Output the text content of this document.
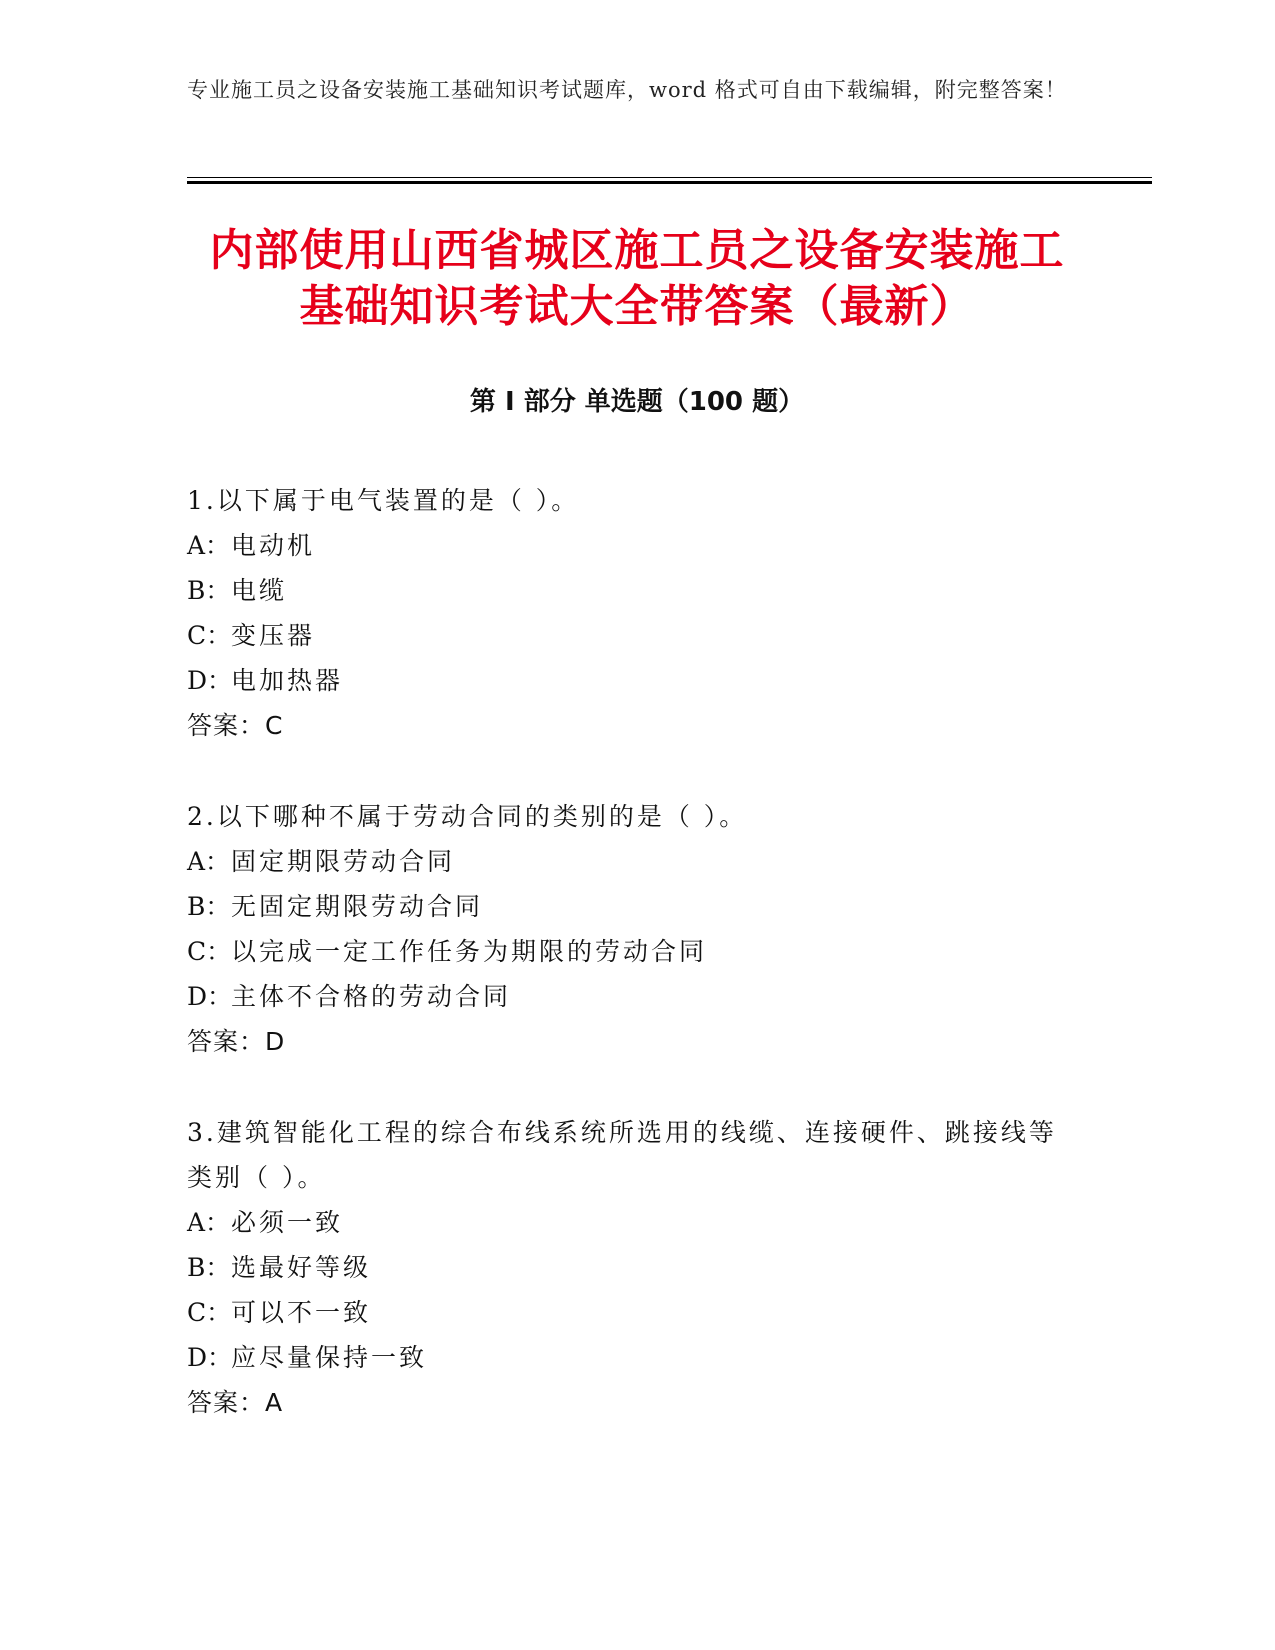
专业施工员之设备安装施工基础知识考试题库，word 格式可自由下载编辑，附完整答案！
内部使用山西省城区施工员之设备安装施工
基础知识考试大全带答案（最新）
第 I 部分 单选题（100 题）

1.以下属于电气装置的是（ ）。

A： 电动机

B： 电缆

C： 变压器

D：
电加热器

答案：C

2.以下哪种不属于劳动合同的类别的是（ ）。

A： 固定期限劳动合同

B： 无固定期限劳动合同

C： 以完成一定工作任务为期限的劳动合同

D：
主体不合格的劳动合同

答案：D

3.建筑智能化工程的综合布线系统所选用的线缆、连接硬件、跳接线等类别（ ）。

A： 必须一致

B： 选最好等级

C： 可以不一致

D：
应尽量保持一致

答案：A
